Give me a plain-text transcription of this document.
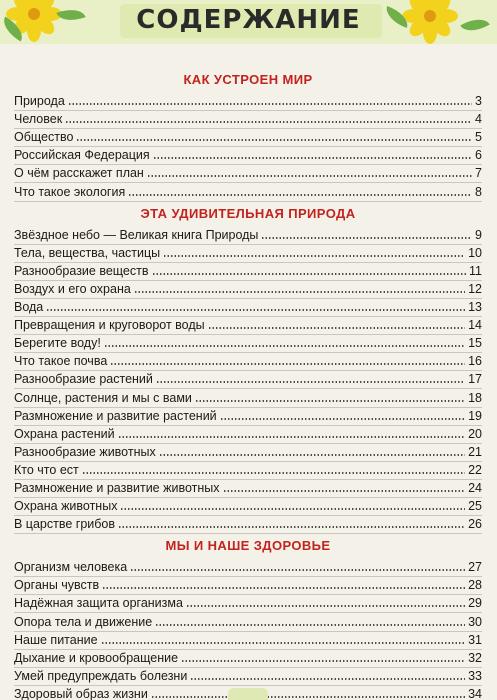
СОДЕРЖАНИЕ
КАК УСТРОЕН МИР
Природа	3
Человек	4
Общество	5
Российская Федерация	6
О чём расскажет план	7
Что такое экология	8
ЭТА УДИВИТЕЛЬНАЯ ПРИРОДА
Звёздное небо — Великая книга Природы	9
Тела, вещества, частицы	10
Разнообразие веществ	11
Воздух и его охрана	12
Вода	13
Превращения и круговорот воды	14
Берегите воду!	15
Что такое почва	16
Разнообразие растений	17
Солнце, растения и мы с вами	18
Размножение и развитие растений	19
Охрана растений	20
Разнообразие животных	21
Кто что ест	22
Размножение и развитие животных	24
Охрана животных	25
В царстве грибов	26
МЫ И НАШЕ ЗДОРОВЬЕ
Организм человека	27
Органы чувств	28
Надёжная защита организма	29
Опора тела и движение	30
Наше питание	31
Дыхание и кровообращение	32
Умей предупреждать болезни	33
Здоровый образ жизни	34
